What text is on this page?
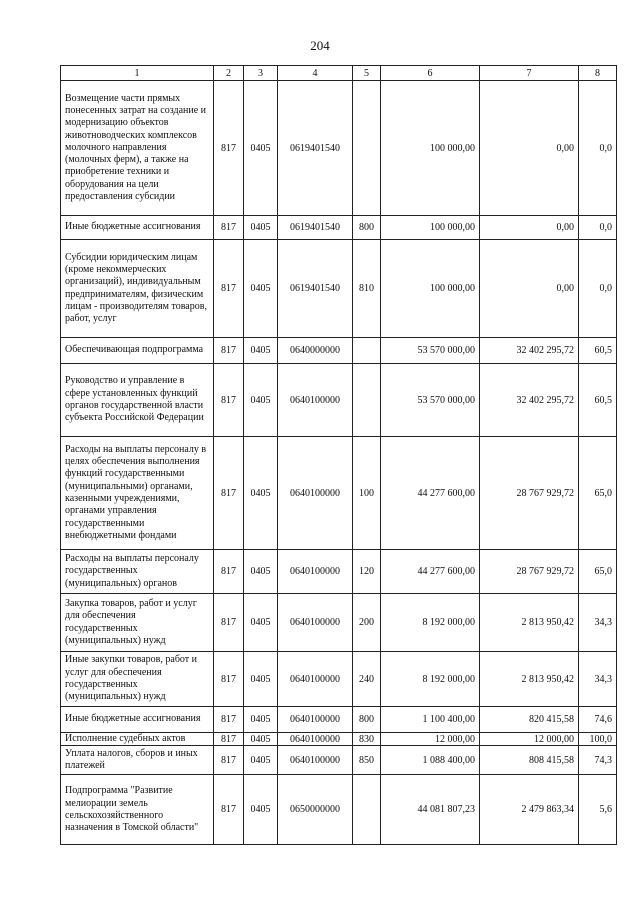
204
1	2	3	4	5	6	7	8
Возмещение части прямых понесенных затрат на создание и модернизацию объектов животноводческих комплексов молочного направления (молочных ферм), а также на приобретение техники и оборудования на цели предоставления субсидии	817	0405	0619401540		100 000,00	0,00	0,0
Иные бюджетные ассигнования	817	0405	0619401540	800	100 000,00	0,00	0,0
Субсидии юридическим лицам (кроме некоммерческих организаций), индивидуальным предпринимателям, физическим лицам - производителям товаров, работ, услуг	817	0405	0619401540	810	100 000,00	0,00	0,0
Обеспечивающая подпрограмма	817	0405	0640000000		53 570 000,00	32 402 295,72	60,5
Руководство и управление в сфере установленных функций органов государственной власти субъекта Российской Федерации	817	0405	0640100000		53 570 000,00	32 402 295,72	60,5
Расходы на выплаты персоналу в целях обеспечения выполнения функций государственными (муниципальными) органами, казенными учреждениями, органами управления государственными внебюджетными фондами	817	0405	0640100000	100	44 277 600,00	28 767 929,72	65,0
Расходы на выплаты персоналу государственных (муниципальных) органов	817	0405	0640100000	120	44 277 600,00	28 767 929,72	65,0
Закупка товаров, работ и услуг для обеспечения государственных (муниципальных) нужд	817	0405	0640100000	200	8 192 000,00	2 813 950,42	34,3
Иные закупки товаров, работ и услуг для обеспечения государственных (муниципальных) нужд	817	0405	0640100000	240	8 192 000,00	2 813 950,42	34,3
Иные бюджетные ассигнования	817	0405	0640100000	800	1 100 400,00	820 415,58	74,6
Исполнение судебных актов	817	0405	0640100000	830	12 000,00	12 000,00	100,0
Уплата налогов, сборов и иных платежей	817	0405	0640100000	850	1 088 400,00	808 415,58	74,3
Подпрограмма "Развитие мелиорации земель сельскохозяйственного назначения в Томской области"	817	0405	0650000000		44 081 807,23	2 479 863,34	5,6
